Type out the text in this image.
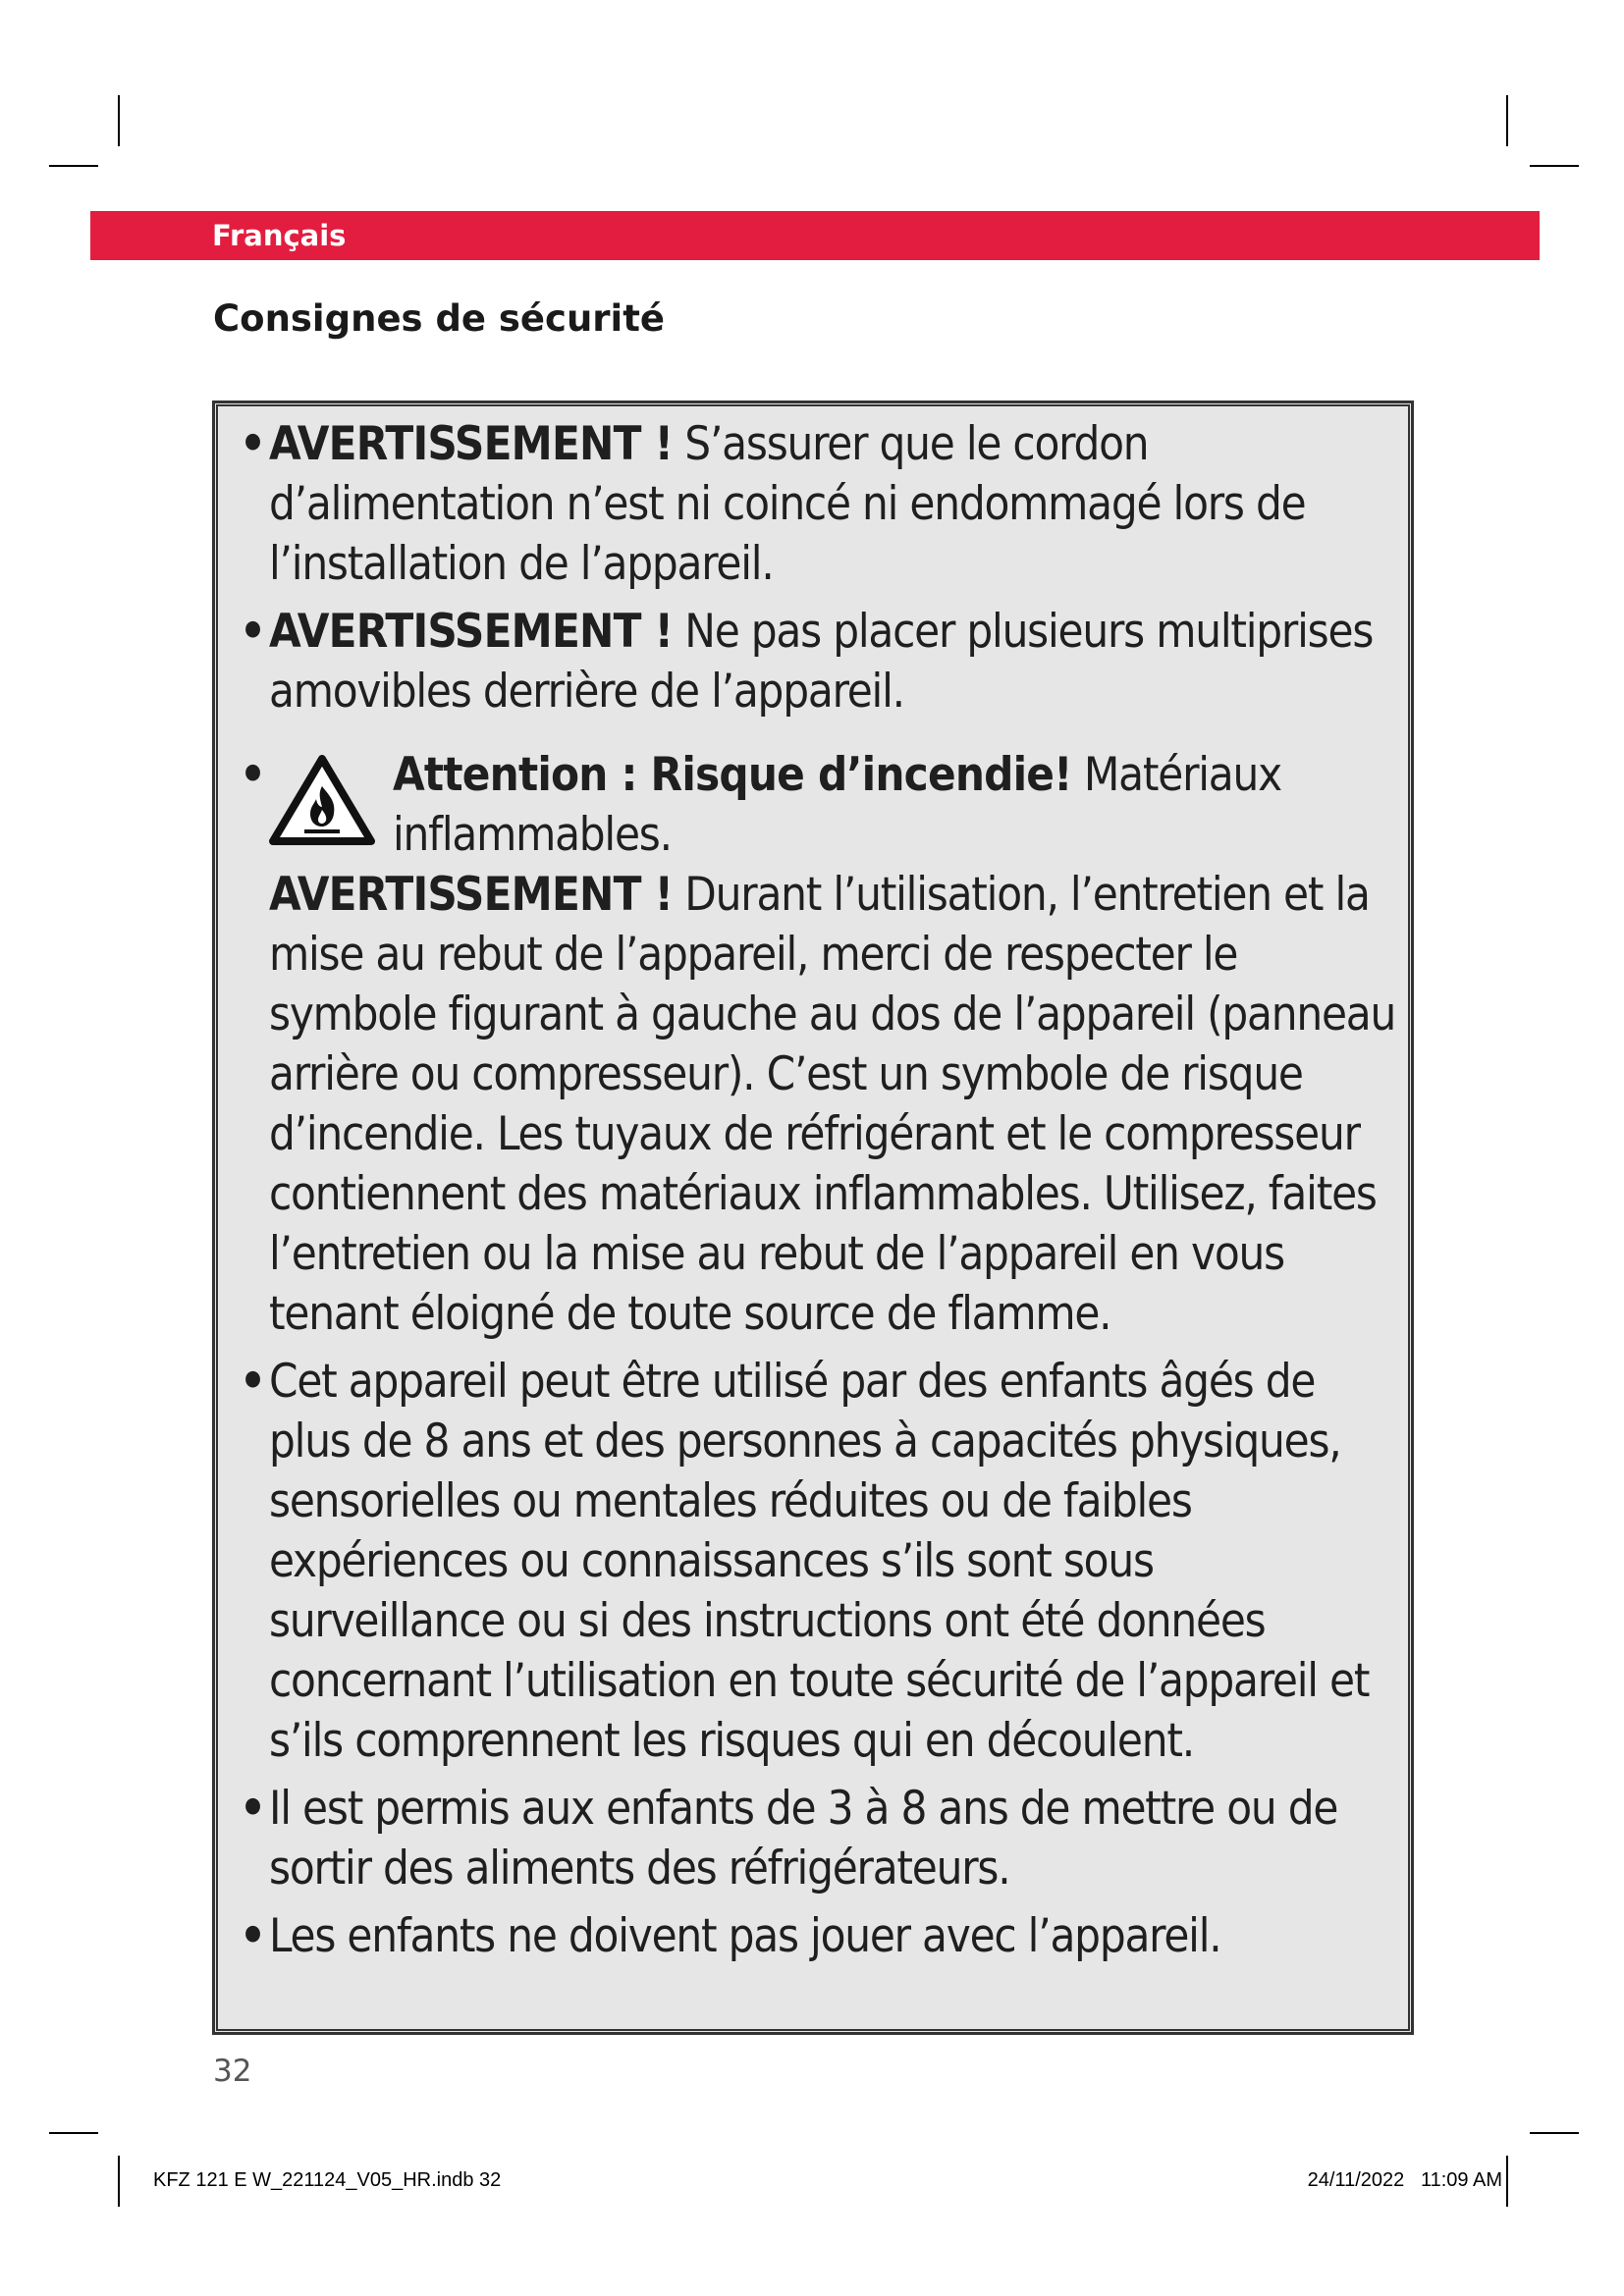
Français
Consignes de sécurité
• AVERTISSEMENT ! S’assurer que le cordon d’alimentation n’est ni coincé ni endommagé lors de l’installation de l’appareil.
• AVERTISSEMENT ! Ne pas placer plusieurs multiprises amovibles derrière de l’appareil.
•	Attention : Risque d’incendie! Matériaux inflammables.
AVERTISSEMENT ! Durant l’utilisation, l’entretien et la mise au rebut de l’appareil, merci de respecter le symbole figurant à gauche au dos de l’appareil (panneau arrière ou compresseur). C’est un symbole de risque d’incendie. Les tuyaux de réfrigérant et le compresseur contiennent des matériaux inflammables. Utilisez, faites l’entretien ou la mise au rebut de l’appareil en vous tenant éloigné de toute source de flamme.
• Cet appareil peut être utilisé par des enfants âgés de plus de 8 ans et des personnes à capacités physiques, sensorielles ou mentales réduites ou de faibles expériences ou connaissances s’ils sont sous surveillance ou si des instructions ont été données concernant l’utilisation en toute sécurité de l’appareil et s’ils comprennent les risques qui en découlent.
• Il est permis aux enfants de 3 à 8 ans de mettre ou de sortir des aliments des réfrigérateurs.
• Les enfants ne doivent pas jouer avec l’appareil.
32
KFZ 121 E W_221124_V05_HR.indb 32	24/11/2022 11:09 AM
